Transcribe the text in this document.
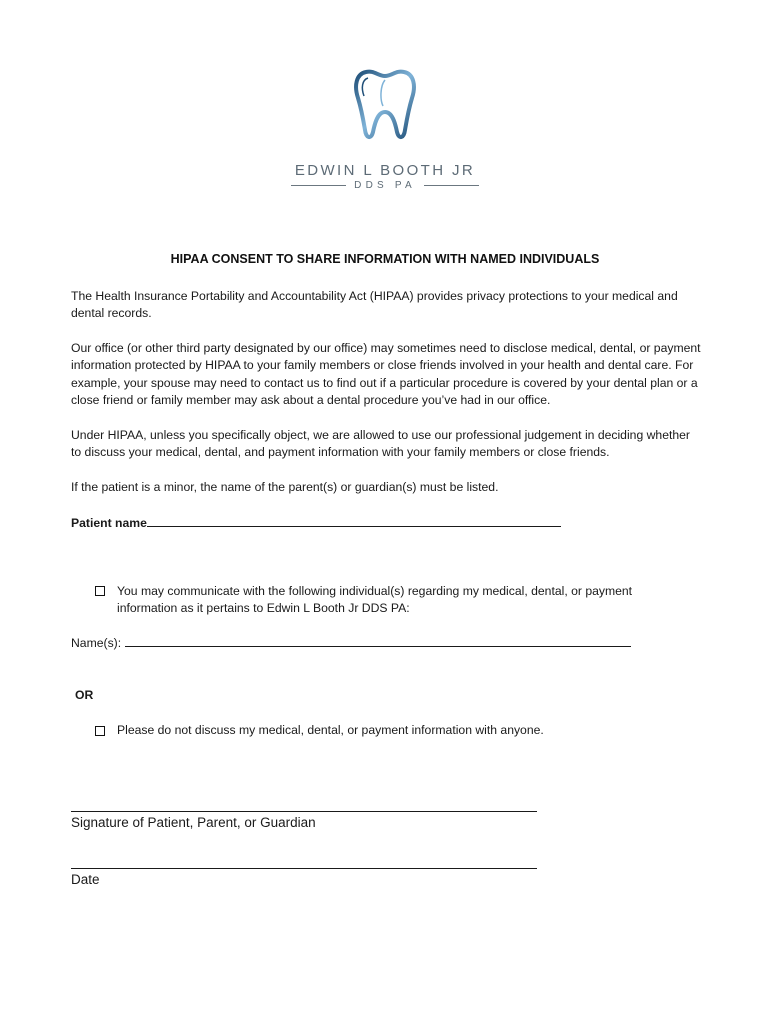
EDWIN L BOOTH JR
DDS PA
HIPAA CONSENT TO SHARE INFORMATION WITH NAMED INDIVIDUALS
The Health Insurance Portability and Accountability Act (HIPAA) provides privacy protections to your medical and dental records.
Our office (or other third party designated by our office) may sometimes need to disclose medical, dental, or payment information protected by HIPAA to your family members or close friends involved in your health and dental care. For example, your spouse may need to contact us to find out if a particular procedure is covered by your dental plan or a close friend or family member may ask about a dental procedure you’ve had in our office.
Under HIPAA, unless you specifically object, we are allowed to use our professional judgement in deciding whether to discuss your medical, dental, and payment information with your family members or close friends.
If the patient is a minor, the name of the parent(s) or guardian(s) must be listed.
Patient name
You may communicate with the following individual(s) regarding my medical, dental, or payment information as it pertains to Edwin L Booth Jr DDS PA:
Name(s):
OR
Please do not discuss my medical, dental, or payment information with anyone.
Signature of Patient, Parent, or Guardian
Date
